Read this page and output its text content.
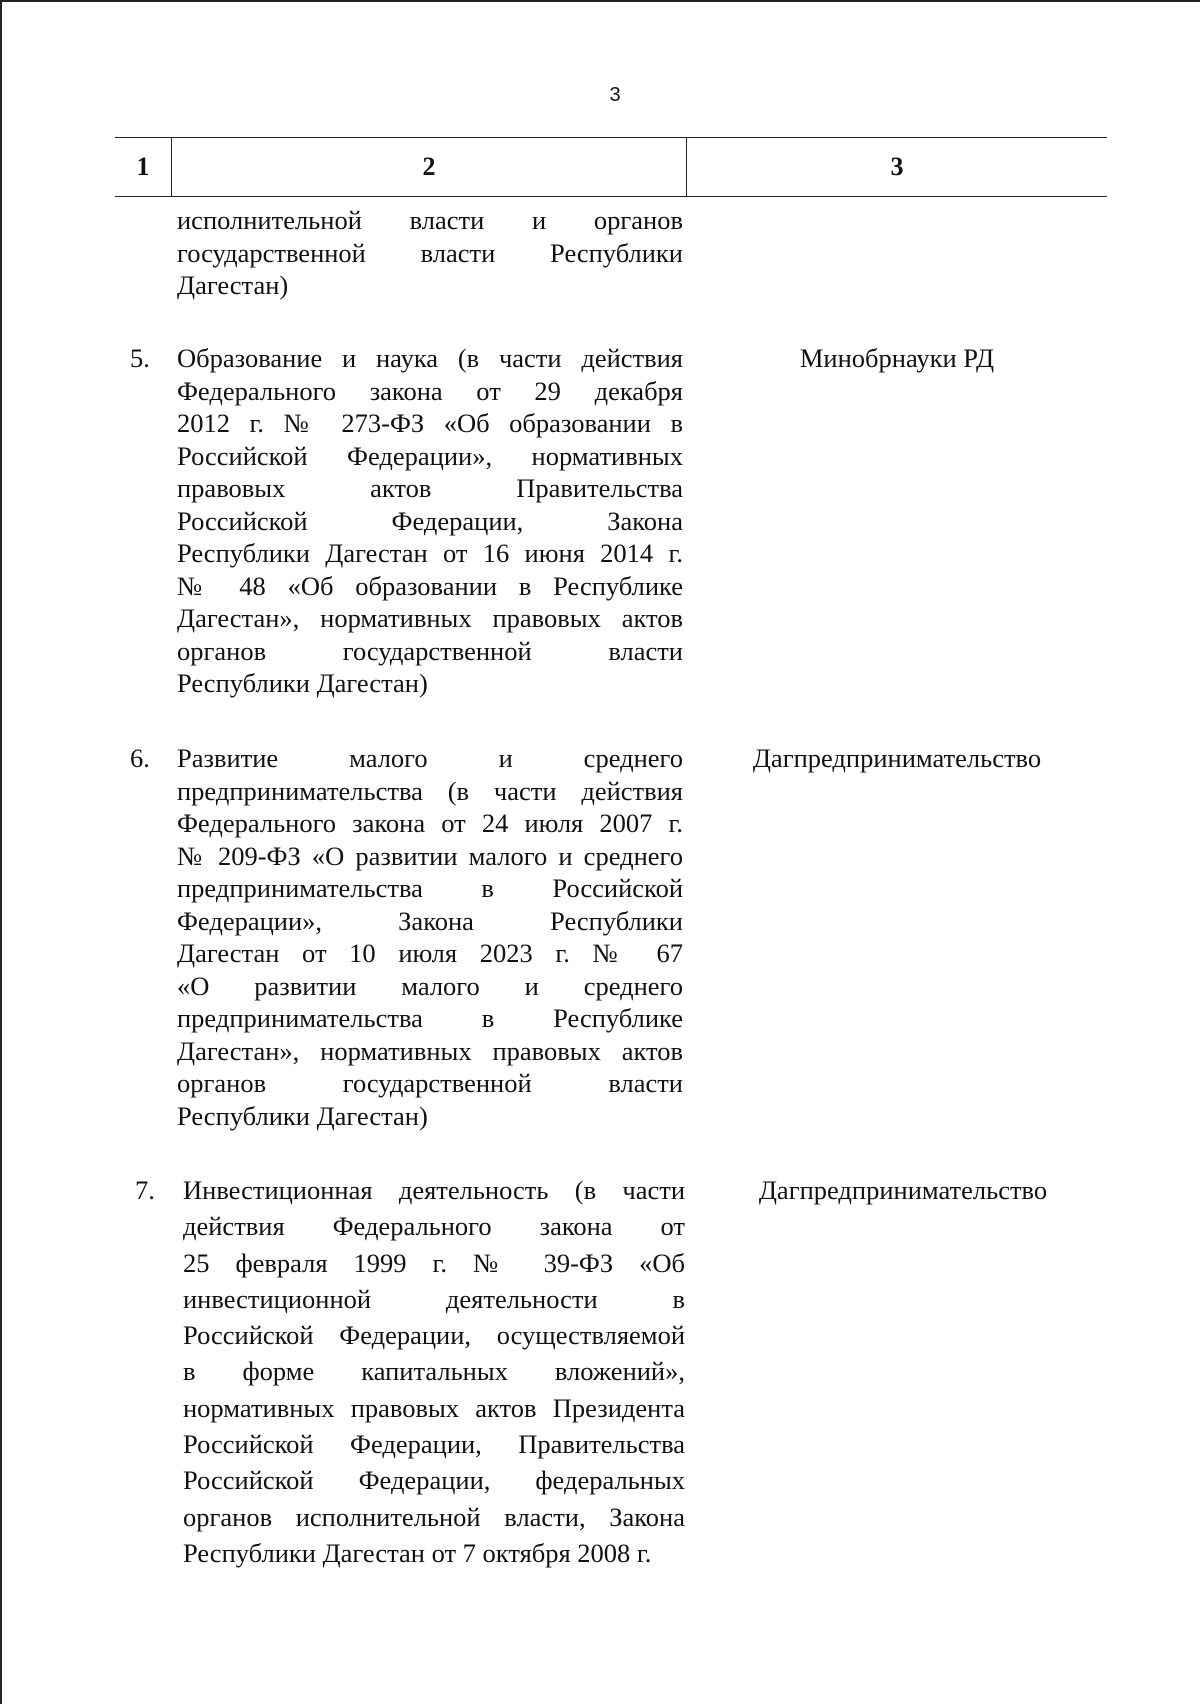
3
1	2	3
исполнительной власти и органов
государственной власти Республики
Дагестан)
5. Образование и наука (в части действия
Федерального закона от 29 декабря
2012 г. № 273-ФЗ «Об образовании в
Российской Федерации», нормативных
правовых актов Правительства
Российской Федерации, Закона
Республики Дагестан от 16 июня 2014 г.
№ 48 «Об образовании в Республике
Дагестан», нормативных правовых актов
органов государственной власти
Республики Дагестан)
Минобрнауки РД
6. Развитие малого и среднего
предпринимательства (в части действия
Федерального закона от 24 июля 2007 г.
№ 209-ФЗ «О развитии малого и среднего
предпринимательства в Российской
Федерации», Закона Республики
Дагестан от 10 июля 2023 г. № 67
«О развитии малого и среднего
предпринимательства в Республике
Дагестан», нормативных правовых актов
органов государственной власти
Республики Дагестан)
Дагпредпринимательство
7. Инвестиционная деятельность (в части
действия Федерального закона от
25 февраля 1999 г. № 39-ФЗ «Об
инвестиционной деятельности в
Российской Федерации, осуществляемой
в форме капитальных вложений»,
нормативных правовых актов Президента
Российской Федерации, Правительства
Российской Федерации, федеральных
органов исполнительной власти, Закона
Республики Дагестан от 7 октября 2008 г.
Дагпредпринимательство
